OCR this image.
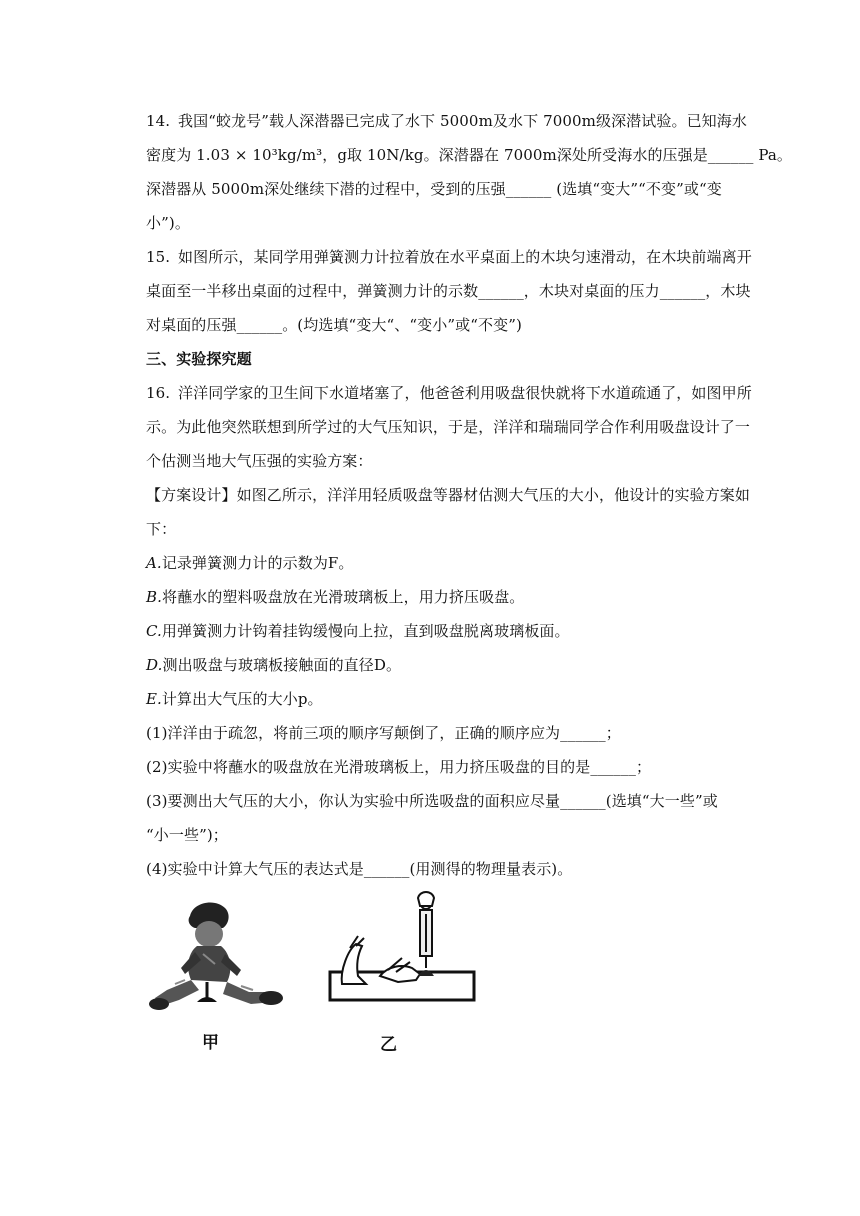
14. 我国“蛟龙号”载人深潜器已完成了水下 5000m及水下 7000m级深潜试验。已知海水
密度为 1.03 × 10³kg/m³，g取 10N/kg。深潜器在 7000m深处所受海水的压强是______ Pa。
深潜器从 5000m深处继续下潜的过程中，受到的压强______ (选填“变大”“不变”或“变
小”)。
15. 如图所示，某同学用弹簧测力计拉着放在水平桌面上的木块匀速滑动，在木块前端离开
桌面至一半移出桌面的过程中，弹簧测力计的示数______，木块对桌面的压力______，木块
对桌面的压强______。(均选填“变大“、“变小”或“不变”)
三、实验探究题
16. 洋洋同学家的卫生间下水道堵塞了，他爸爸利用吸盘很快就将下水道疏通了，如图甲所
示。为此他突然联想到所学过的大气压知识，于是，洋洋和瑞瑞同学合作利用吸盘设计了一
个估测当地大气压强的实验方案：
【方案设计】如图乙所示，洋洋用轻质吸盘等器材估测大气压的大小，他设计的实验方案如
下：
A.记录弹簧测力计的示数为F。
B.将蘸水的塑料吸盘放在光滑玻璃板上，用力挤压吸盘。
C.用弹簧测力计钩着挂钩缓慢向上拉，直到吸盘脱离玻璃板面。
D.测出吸盘与玻璃板接触面的直径D。
E.计算出大气压的大小p。
(1)洋洋由于疏忽，将前三项的顺序写颠倒了，正确的顺序应为______；
(2)实验中将蘸水的吸盘放在光滑玻璃板上，用力挤压吸盘的目的是______；
(3)要测出大气压的大小，你认为实验中所选吸盘的面积应尽量______(选填“大一些”或
“小一些”)；
(4)实验中计算大气压的表达式是______(用测得的物理量表示)。
甲	乙
